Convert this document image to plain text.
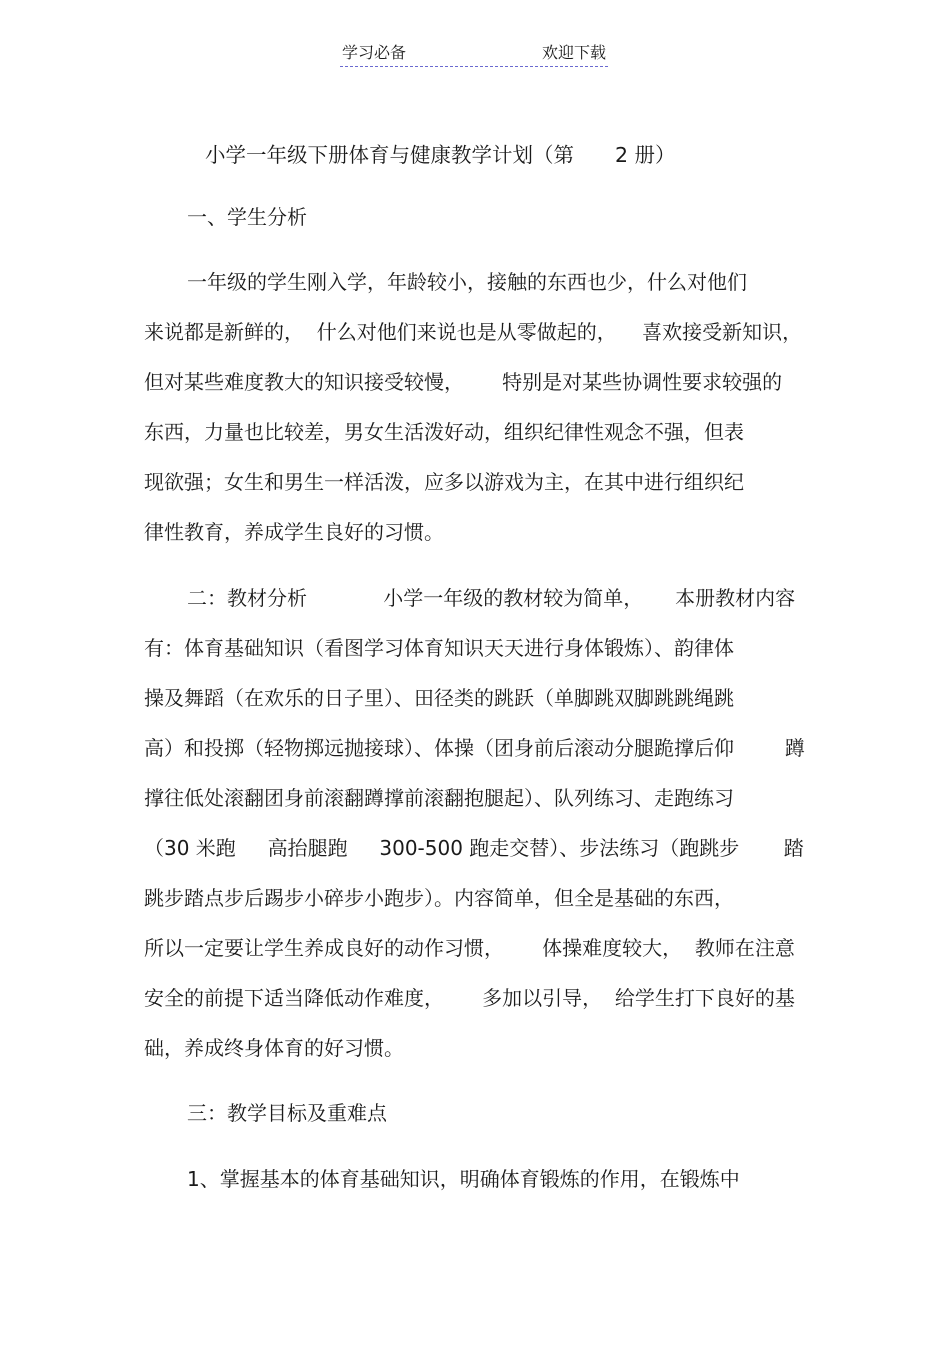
学习必备	欢迎下载
小学一年级下册体育与健康教学计划（第　　2 册）
一、学生分析
一年级的学生刚入学，年龄较小，接触的东西也少，什么对他们
来说都是新鲜的，  什么对他们来说也是从零做起的，    喜欢接受新知识，
但对某些难度教大的知识接受较慢，      特别是对某些协调性要求较强的
东西，力量也比较差，男女生活泼好动，组织纪律性观念不强，但表
现欲强；女生和男生一样活泼，应多以游戏为主，在其中进行组织纪
律性教育，养成学生良好的习惯。
二：教材分析            小学一年级的教材较为简单，     本册教材内容
有：体育基础知识（看图学习体育知识天天进行身体锻炼）、韵律体
操及舞蹈（在欢乐的日子里）、田径类的跳跃（单脚跳双脚跳跳绳跳
高）和投掷（轻物掷远抛接球）、体操（团身前后滚动分腿跪撑后仰        蹲
撑往低处滚翻团身前滚翻蹲撑前滚翻抱腿起）、队列练习、走跑练习
（30 米跑     高抬腿跑     300-500 跑走交替）、步法练习（跑跳步       踏
跳步踏点步后踢步小碎步小跑步）。内容简单，但全是基础的东西，
所以一定要让学生养成良好的动作习惯，      体操难度较大，  教师在注意
安全的前提下适当降低动作难度，      多加以引导，  给学生打下良好的基
础，养成终身体育的好习惯。
三：教学目标及重难点
1、掌握基本的体育基础知识，明确体育锻炼的作用，在锻炼中
